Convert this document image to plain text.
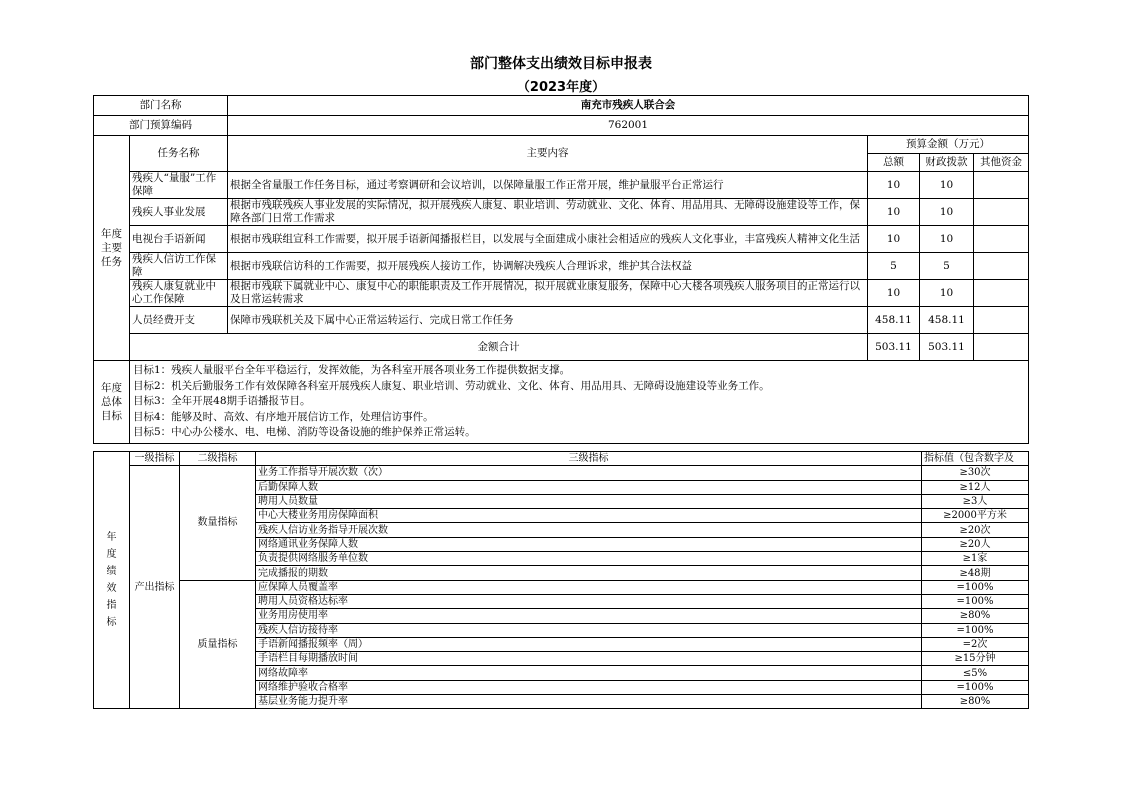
部门整体支出绩效目标申报表
（2023年度）
部门名称		南充市残疾人联合会			
部门预算编码		762001			
年度主要任务	任务名称	主要内容	预算金额（万元）		
			总额	财政拨款	其他资金
	残疾人“量服”工作保障	根据全省量服工作任务目标，通过考察调研和会议培训，以保障量服工作正常开展，维护量服平台正常运行	10	10	
	残疾人事业发展	根据市残联残疾人事业发展的实际情况，拟开展残疾人康复、职业培训、劳动就业、文化、体育、用品用具、无障碍设施建设等工作，保障各部门日常工作需求	10	10	
	电视台手语新闻	根据市残联组宣科工作需要，拟开展手语新闻播报栏目，以发展与全面建成小康社会相适应的残疾人文化事业，丰富残疾人精神文化生活	10	10	
	残疾人信访工作保障	根据市残联信访科的工作需要，拟开展残疾人接访工作，协调解决残疾人合理诉求，维护其合法权益	5	5	
	残疾人康复就业中心工作保障	根据市残联下属就业中心、康复中心的职能职责及工作开展情况，拟开展就业康复服务，保障中心大楼各项残疾人服务项目的正常运行以及日常运转需求	10	10	
	人员经费开支	保障市残联机关及下属中心正常运转运行、完成日常工作任务	458.11	458.11	
	金额合计		503.11	503.11	
年度总体目标	目标1：残疾人量服平台全年平稳运行，发挥效能，为各科室开展各项业务工作提供数据支撑。
目标2：机关后勤服务工作有效保障各科室开展残疾人康复、职业培训、劳动就业、文化、体育、用品用具、无障碍设施建设等业务工作。
目标3：全年开展48期手语播报节目。
目标4：能够及时、高效、有序地开展信访工作，处理信访事件。
目标5：中心办公楼水、电、电梯、消防等设备设施的维护保养正常运转。				
年度绩效指标	一级指标	二级指标	三级指标	指标值（包含数字及
	产出指标	数量指标	业务工作指导开展次数（次）	≥30次
			后勤保障人数	≥12人
			聘用人员数量	≥3人
			中心大楼业务用房保障面积	≥2000平方米
			残疾人信访业务指导开展次数	≥20次
			网络通讯业务保障人数	≥20人
			负责提供网络服务单位数	≥1家
			完成播报的期数	≥48期
		质量指标	应保障人员覆盖率	=100%
			聘用人员资格达标率	=100%
			业务用房使用率	≥80%
			残疾人信访接待率	=100%
			手语新闻播报频率（周）	=2次
			手语栏目每期播放时间	≥15分钟
			网络故障率	≤5%
			网络维护验收合格率	=100%
			基层业务能力提升率	≥80%
